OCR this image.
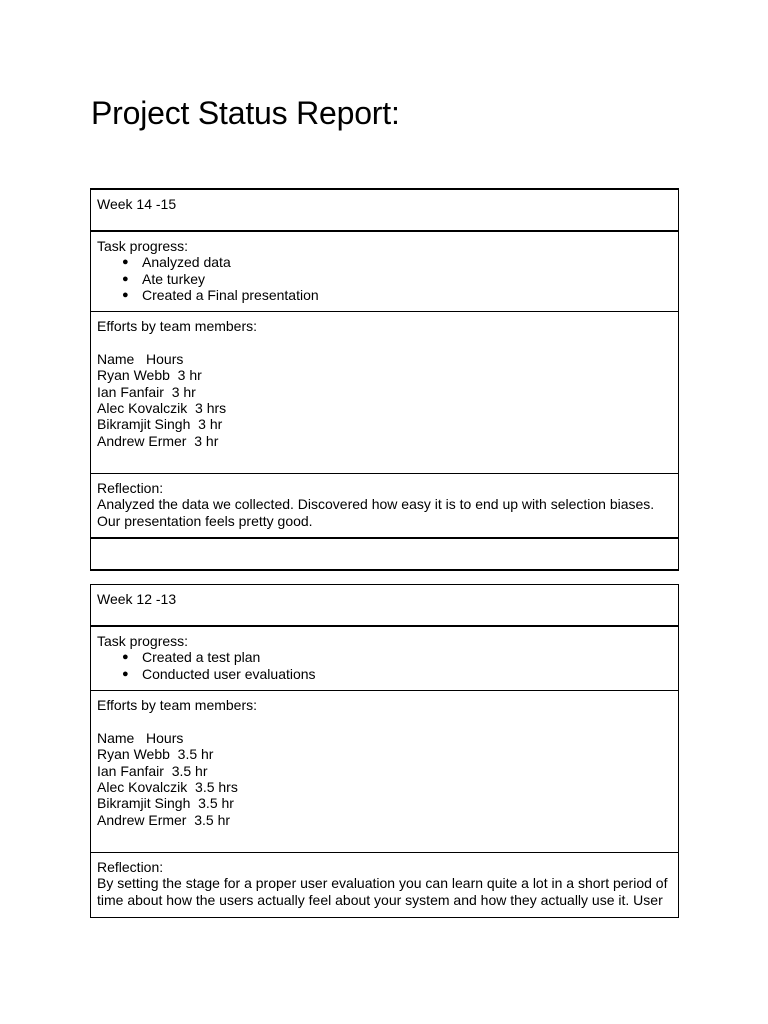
Project Status Report:
Week 14 -15

Task progress:
● Analyzed data
● Ate turkey
● Created a Final presentation

Efforts by team members:
Name   Hours
Ryan Webb  3 hr
Ian Fanfair  3 hr
Alec Kovalczik  3 hrs
Bikramjit Singh  3 hr
Andrew Ermer  3 hr

Reflection:
Analyzed the data we collected. Discovered how easy it is to end up with selection biases.
Our presentation feels pretty good.

Week 12 -13

Task progress:
● Created a test plan
● Conducted user evaluations

Efforts by team members:
Name   Hours
Ryan Webb  3.5 hr
Ian Fanfair  3.5 hr
Alec Kovalczik  3.5 hrs
Bikramjit Singh  3.5 hr
Andrew Ermer  3.5 hr

Reflection:
By setting the stage for a proper user evaluation you can learn quite a lot in a short period of
time about how the users actually feel about your system and how they actually use it. User
